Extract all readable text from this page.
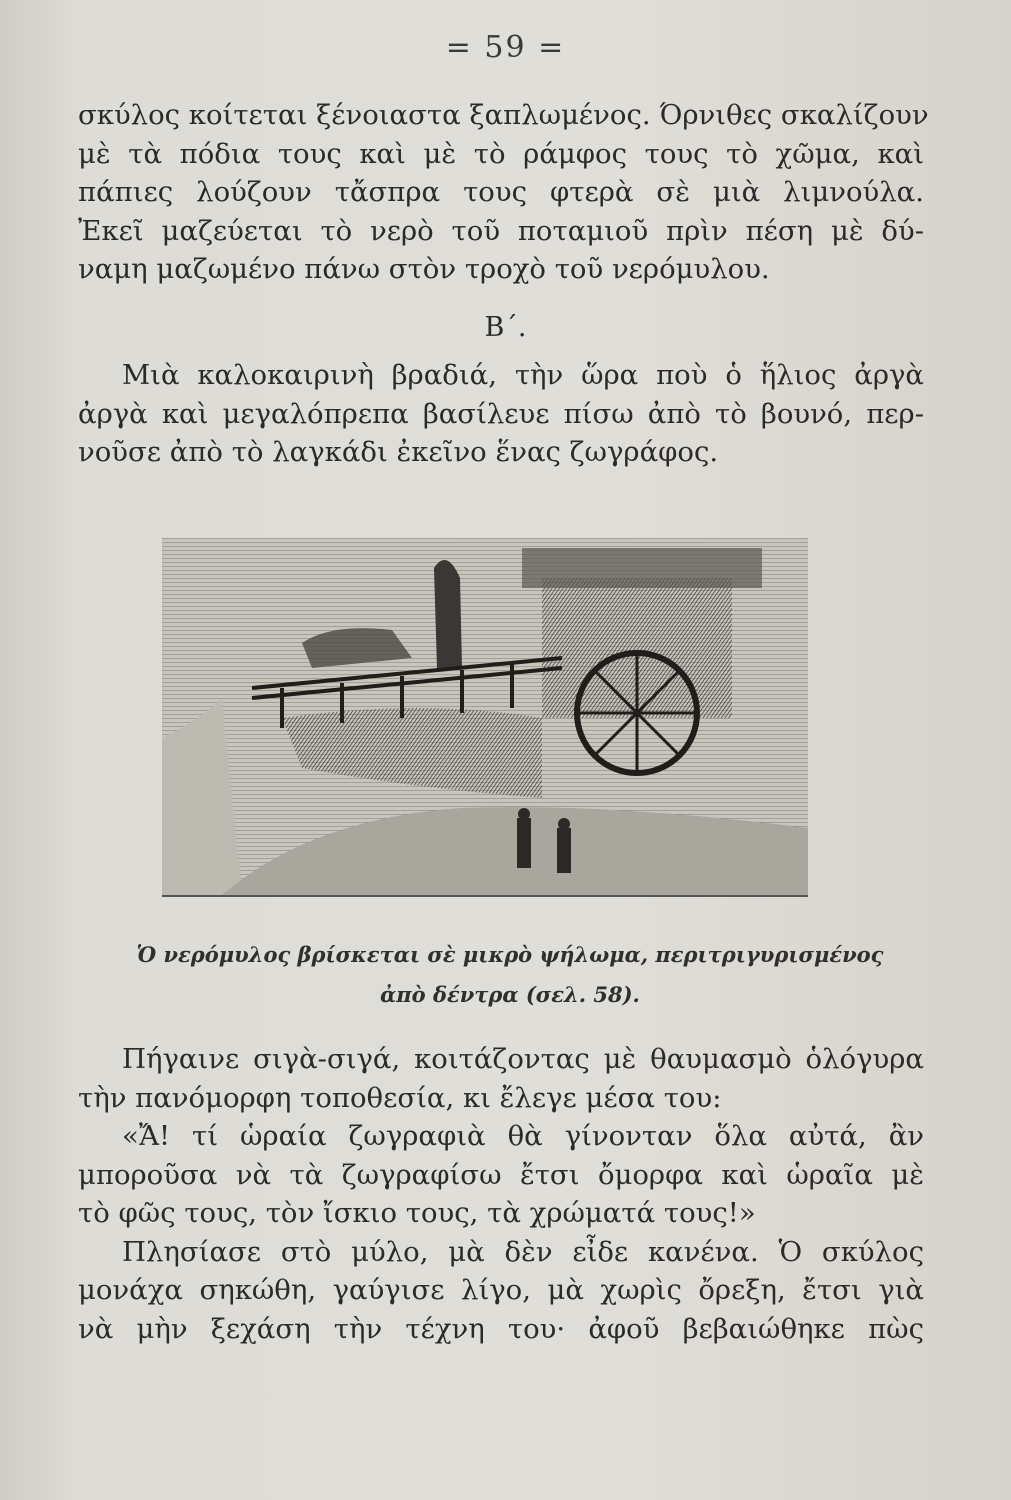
= 59 =
σκύλος κοίτεται ξένοιαστα ξαπλωμένος. Όρνιθες σκαλίζουν
μὲ τὰ πόδια τους καὶ μὲ τὸ ράμφος τους τὸ χῶμα, καὶ
πάπιες λούζουν τἄσπρα τους φτερὰ σὲ μιὰ λιμνούλα.
Ἐκεῖ μαζεύεται τὸ νερὸ τοῦ ποταμιοῦ πρὶν πέση μὲ δύ-
ναμη μαζωμένο πάνω στὸν τροχὸ τοῦ νερόμυλου.
Β΄.
Μιὰ καλοκαιρινὴ βραδιά, τὴν ὥρα ποὺ ὁ ἥλιος ἀργὰ
ἀργὰ καὶ μεγαλόπρεπα βασίλευε πίσω ἀπὸ τὸ βουνό, περ-
νοῦσε ἀπὸ τὸ λαγκάδι ἐκεῖνο ἕνας ζωγράφος.
Ὁ νερόμυλος βρίσκεται σὲ μικρὸ ψήλωμα, περιτριγυρισμένος
ἀπὸ δέντρα (σελ. 58).
Πήγαινε σιγὰ-σιγά, κοιτάζοντας μὲ θαυμασμὸ ὁλόγυρα
τὴν πανόμορφη τοποθεσία, κι ἔλεγε μέσα του:
«Ἄ! τί ὡραία ζωγραφιὰ θὰ γίνονταν ὅλα αὐτά, ἂν
μποροῦσα νὰ τὰ ζωγραφίσω ἔτσι ὄμορφα καὶ ὡραῖα μὲ
τὸ φῶς τους, τὸν ἴσκιο τους, τὰ χρώματά τους!»
Πλησίασε στὸ μύλο, μὰ δὲν εἶδε κανένα. Ὁ σκύλος
μονάχα σηκώθη, γαύγισε λίγο, μὰ χωρὶς ὄρεξη, ἔτσι γιὰ
νὰ μὴν ξεχάση τὴν τέχνη του· ἀφοῦ βεβαιώθηκε πὼς
